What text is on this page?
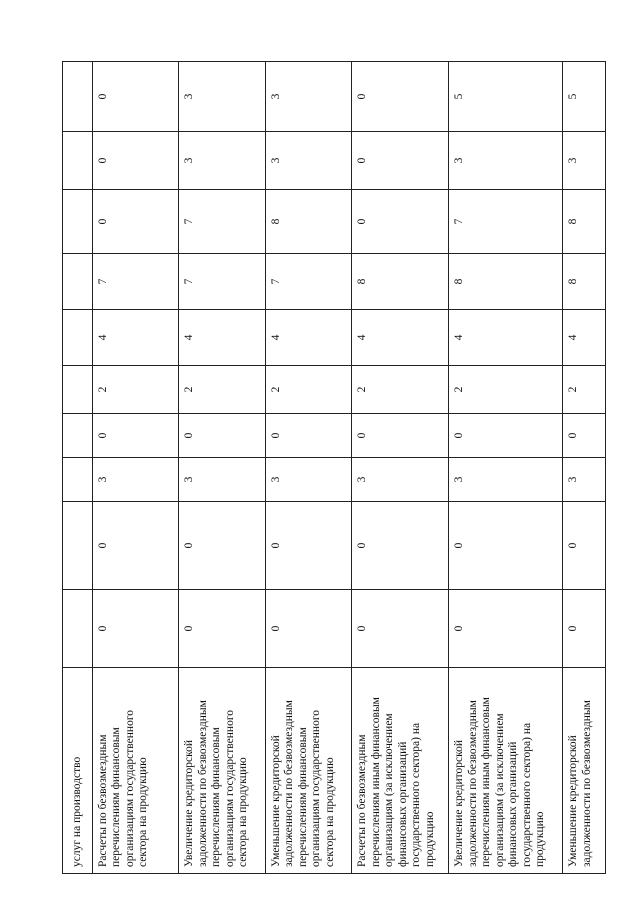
услуг на производство										
Расчеты по безвозмездным перечислениям финансовым организациям государственного сектора на продукцию	0	0	3	0	2	4	7	0	0	0
Увеличение кредиторской задолженности по безвозмездным перечислениям финансовым организациям государственного сектора на продукцию	0	0	3	0	2	4	7	7	3	3
Уменьшение кредиторской задолженности по безвозмездным перечислениям финансовым организациям государственного сектора на продукцию	0	0	3	0	2	4	7	8	3	3
Расчеты по безвозмездным перечислениям иным финансовым организациям (за исключением финансовых организаций государственного сектора) на продукцию	0	0	3	0	2	4	8	0	0	0
Увеличение кредиторской задолженности по безвозмездным перечислениям иным финансовым организациям (за исключением финансовых организаций государственного сектора) на продукцию	0	0	3	0	2	4	8	7	3	5
Уменьшение кредиторской задолженности по безвозмездным	0	0	3	0	2	4	8	8	3	5
